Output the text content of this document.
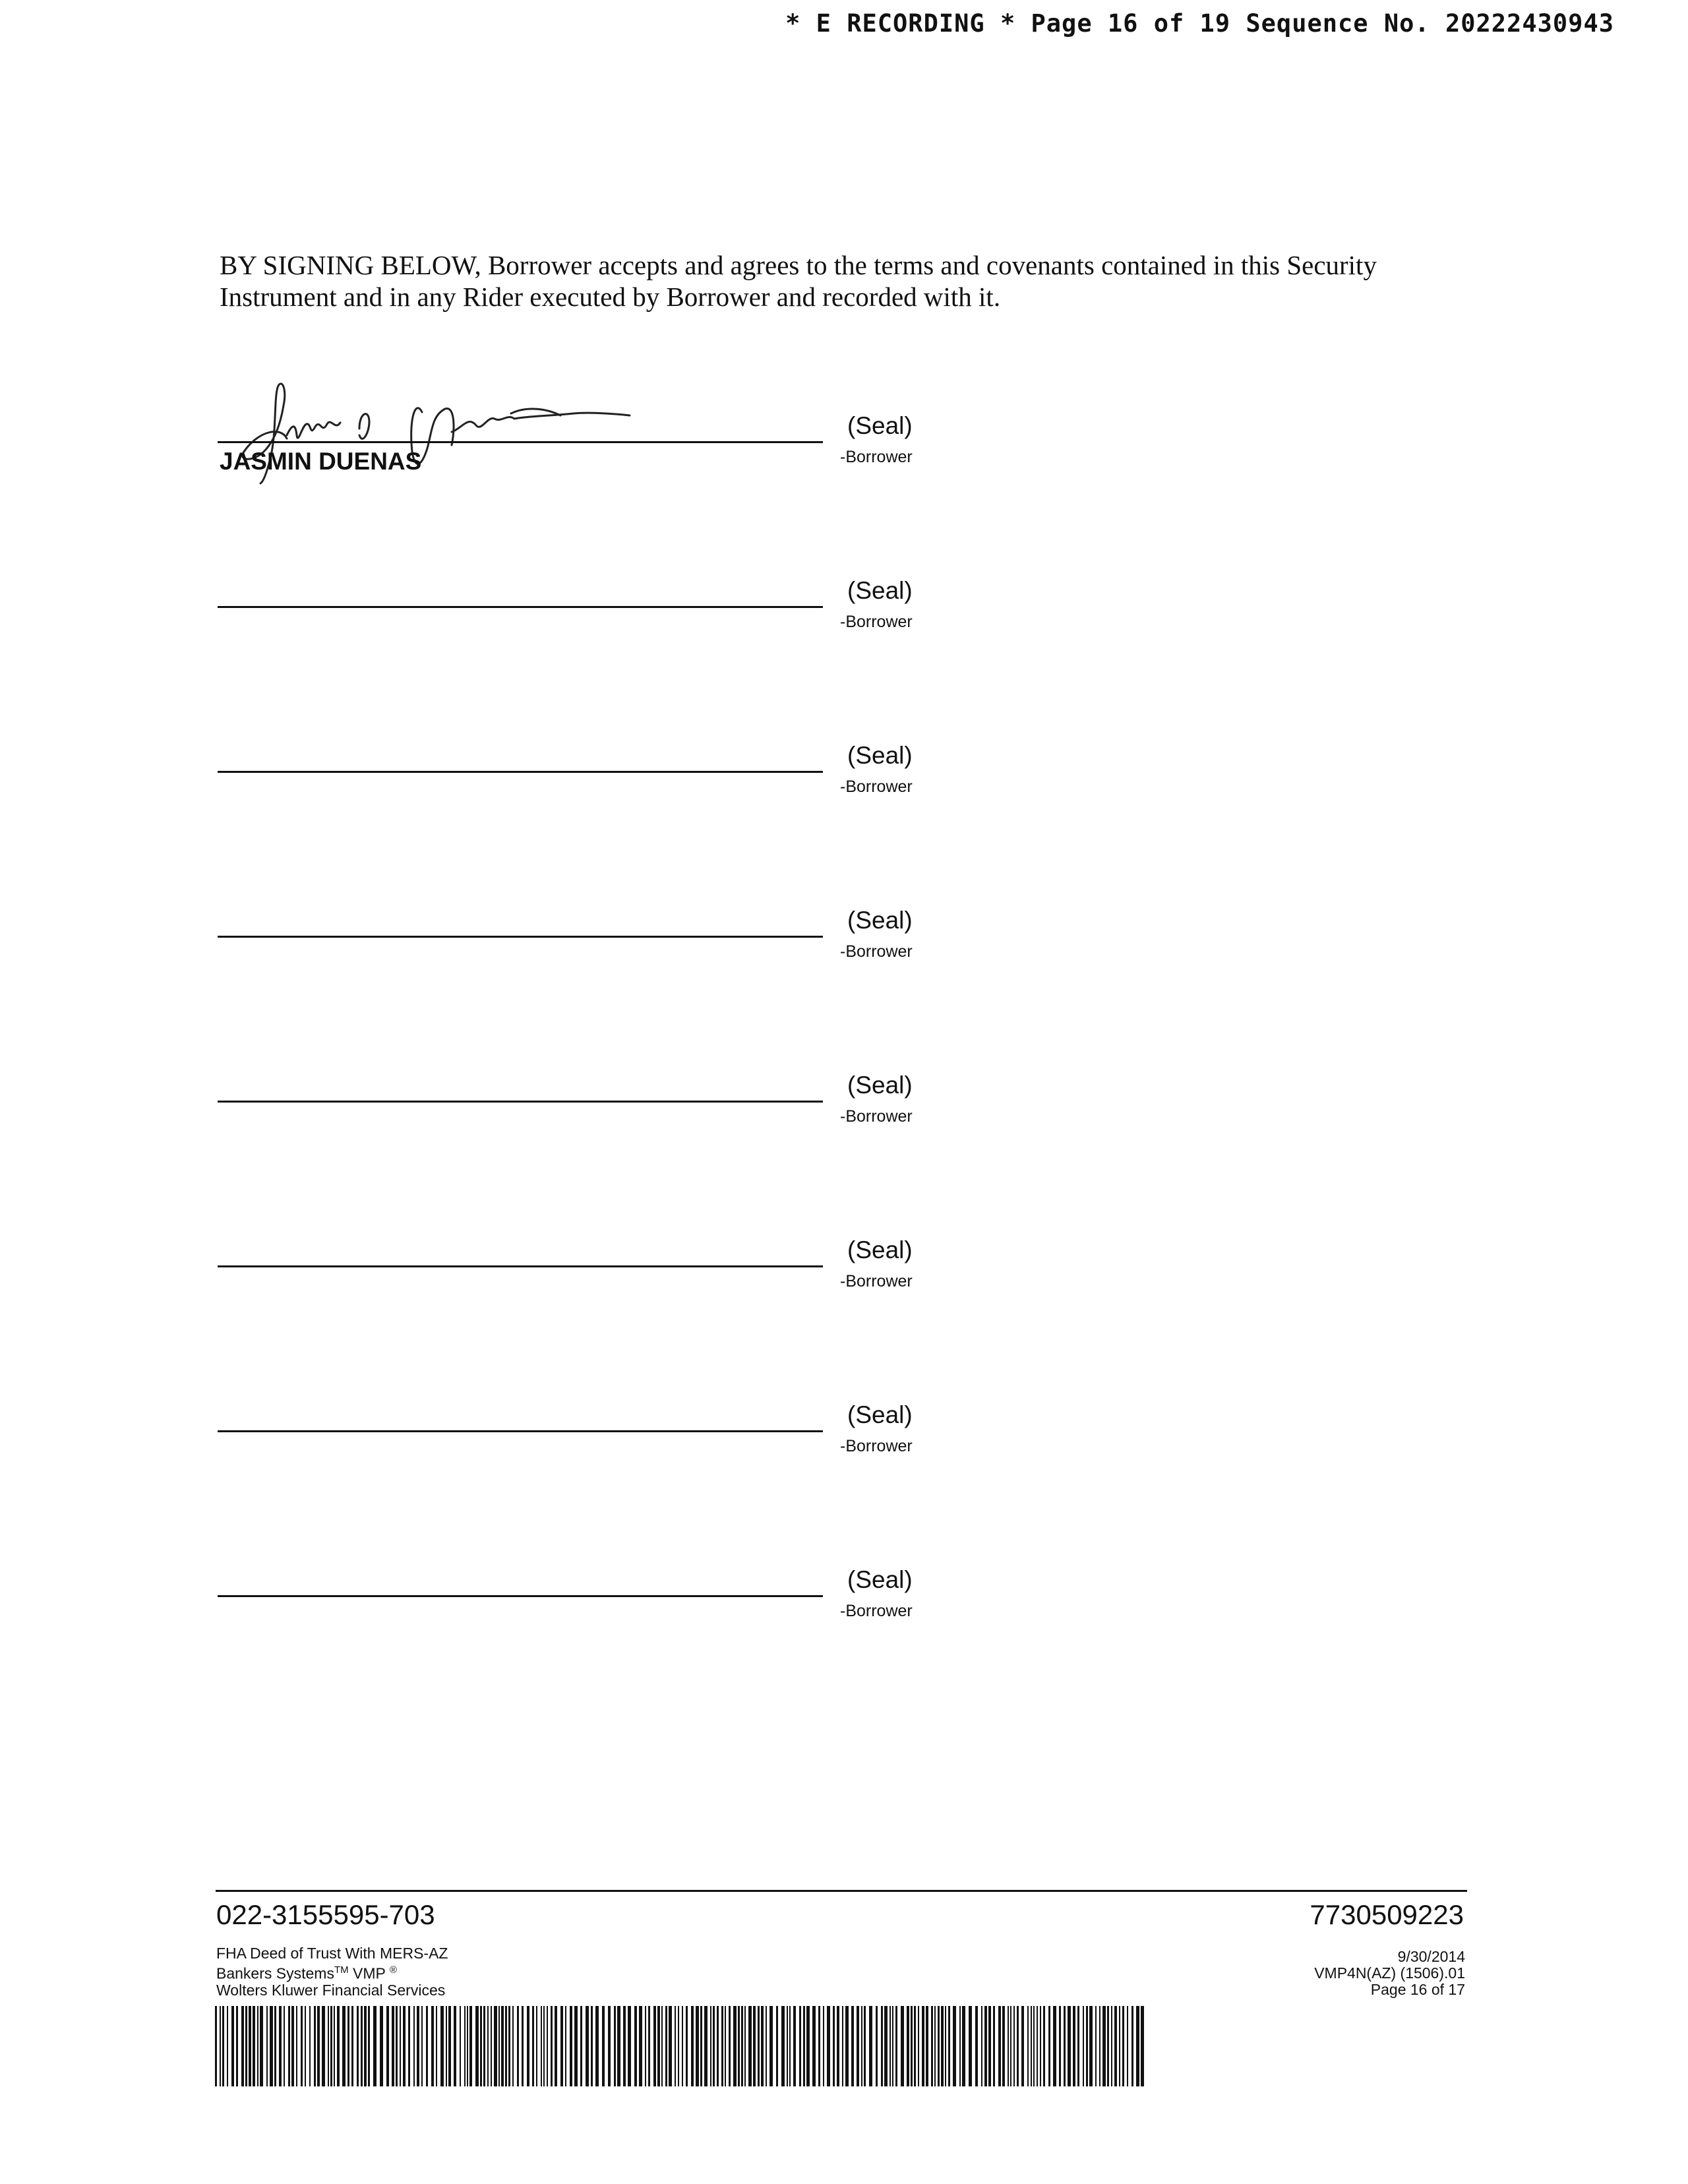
* E RECORDING * Page 16 of 19 Sequence No. 20222430943
BY SIGNING BELOW, Borrower accepts and agrees to the terms and covenants contained in this Security Instrument and in any Rider executed by Borrower and recorded with it.
(Seal)
JASMIN DUENAS	-Borrower
(Seal)
-Borrower
(Seal)
-Borrower
(Seal)
-Borrower
(Seal)
-Borrower
(Seal)
-Borrower
(Seal)
-Borrower
(Seal)
-Borrower
022-3155595-703	7730509223
FHA Deed of Trust With MERS-AZ
Bankers Systems™ VMP ®
Wolters Kluwer Financial Services
9/30/2014
VMP4N(AZ) (1506).01
Page 16 of 17
